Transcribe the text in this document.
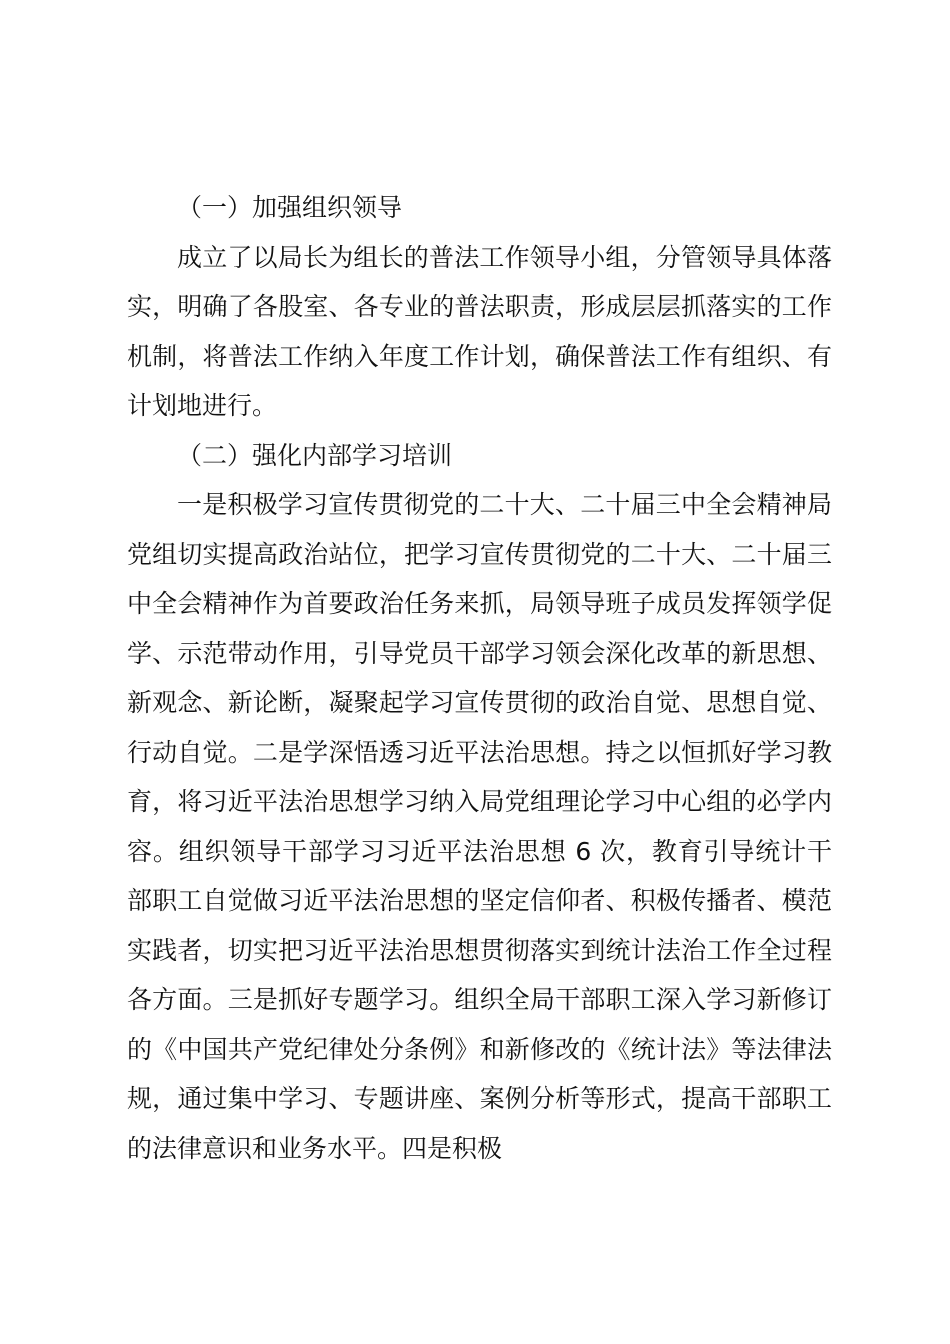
（一）加强组织领导

成立了以局长为组长的普法工作领导小组，分管领导具体落实，明确了各股室、各专业的普法职责，形成层层抓落实的工作机制，将普法工作纳入年度工作计划，确保普法工作有组织、有计划地进行。

（二）强化内部学习培训

一是积极学习宣传贯彻党的二十大、二十届三中全会精神局党组切实提高政治站位，把学习宣传贯彻党的二十大、二十届三中全会精神作为首要政治任务来抓，局领导班子成员发挥领学促学、示范带动作用，引导党员干部学习领会深化改革的新思想、新观念、新论断，凝聚起学习宣传贯彻的政治自觉、思想自觉、行动自觉。二是学深悟透习近平法治思想。持之以恒抓好学习教育，将习近平法治思想学习纳入局党组理论学习中心组的必学内容。组织领导干部学习习近平法治思想 6 次，教育引导统计干部职工自觉做习近平法治思想的坚定信仰者、积极传播者、模范实践者，切实把习近平法治思想贯彻落实到统计法治工作全过程各方面。三是抓好专题学习。组织全局干部职工深入学习新修订的《中国共产党纪律处分条例》和新修改的《统计法》等法律法规，通过集中学习、专题讲座、案例分析等形式，提高干部职工的法律意识和业务水平。四是积极
